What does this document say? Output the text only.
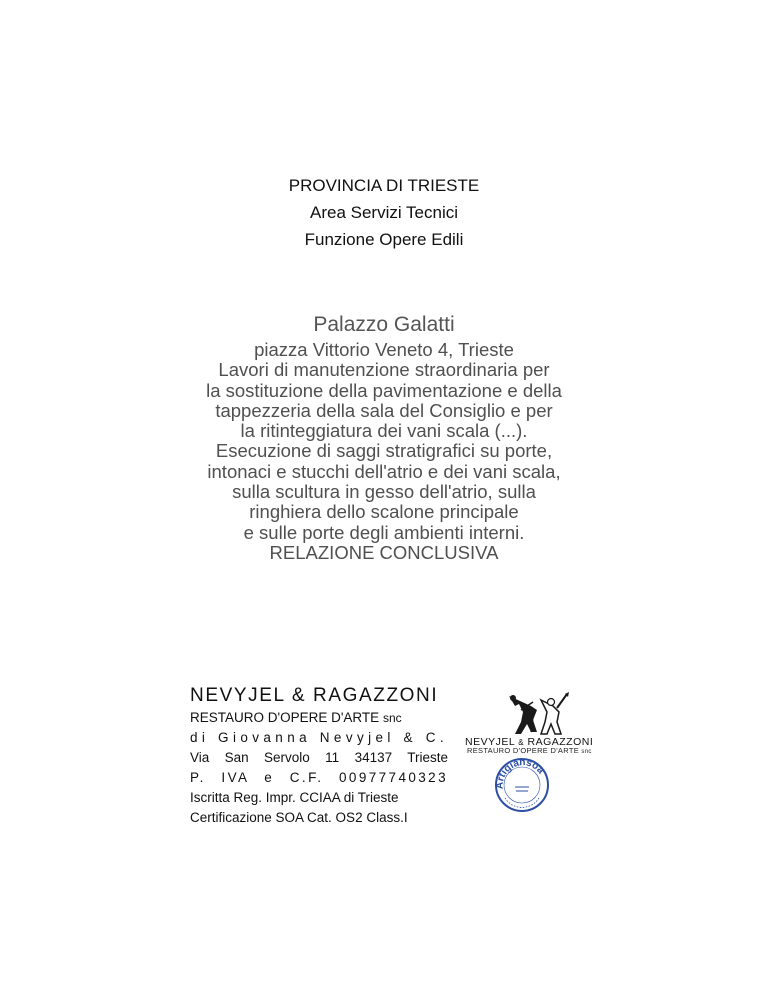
PROVINCIA DI TRIESTE
Area Servizi Tecnici
Funzione Opere Edili
Palazzo Galatti
piazza Vittorio Veneto 4, Trieste
Lavori di manutenzione straordinaria per
la sostituzione della pavimentazione e della
tappezzeria della sala del Consiglio e per
la ritinteggiatura dei vani scala (...).
Esecuzione di saggi stratigrafici su porte,
intonaci e stucchi dell'atrio e dei vani scala,
sulla scultura in gesso dell'atrio, sulla
ringhiera dello scalone principale
e sulle porte degli ambienti interni.
RELAZIONE CONCLUSIVA
NEVYJEL & RAGAZZONI
RESTAURO D'OPERE D'ARTE snc
di Giovanna Nevyjel & C.
Via San Servolo 11 34137 Trieste
P. IVA e C.F. 00977740323
Iscritta Reg. Impr. CCIAA di Trieste
Certificazione SOA Cat. OS2 Class.I
NEVYJEL & RAGAZZONI
RESTAURO D'OPERE D'ARTE snc
Artigiansoa
